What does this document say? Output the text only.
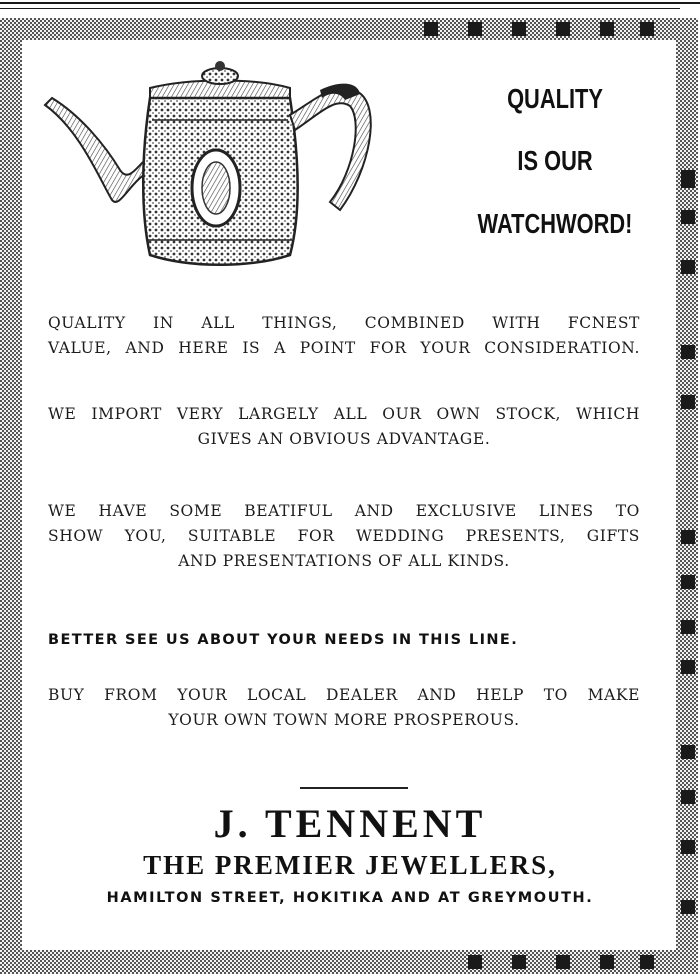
QUALITY
IS OUR
WATCHWORD!
QUALITY IN ALL THINGS, COMBINED WITH FCNEST
VALUE, AND HERE IS A POINT FOR YOUR CONSIDERATION.
WE IMPORT VERY LARGELY ALL OUR OWN STOCK, WHICH
GIVES AN OBVIOUS ADVANTAGE.
WE HAVE SOME BEATIFUL AND EXCLUSIVE LINES TO
SHOW YOU, SUITABLE FOR WEDDING PRESENTS, GIFTS
AND PRESENTATIONS OF ALL KINDS.
BETTER SEE US ABOUT YOUR NEEDS IN THIS LINE.
BUY FROM YOUR LOCAL DEALER AND HELP TO MAKE
YOUR OWN TOWN MORE PROSPEROUS.
J. TENNENT
THE PREMIER JEWELLERS,
HAMILTON STREET, HOKITIKA AND AT GREYMOUTH.
